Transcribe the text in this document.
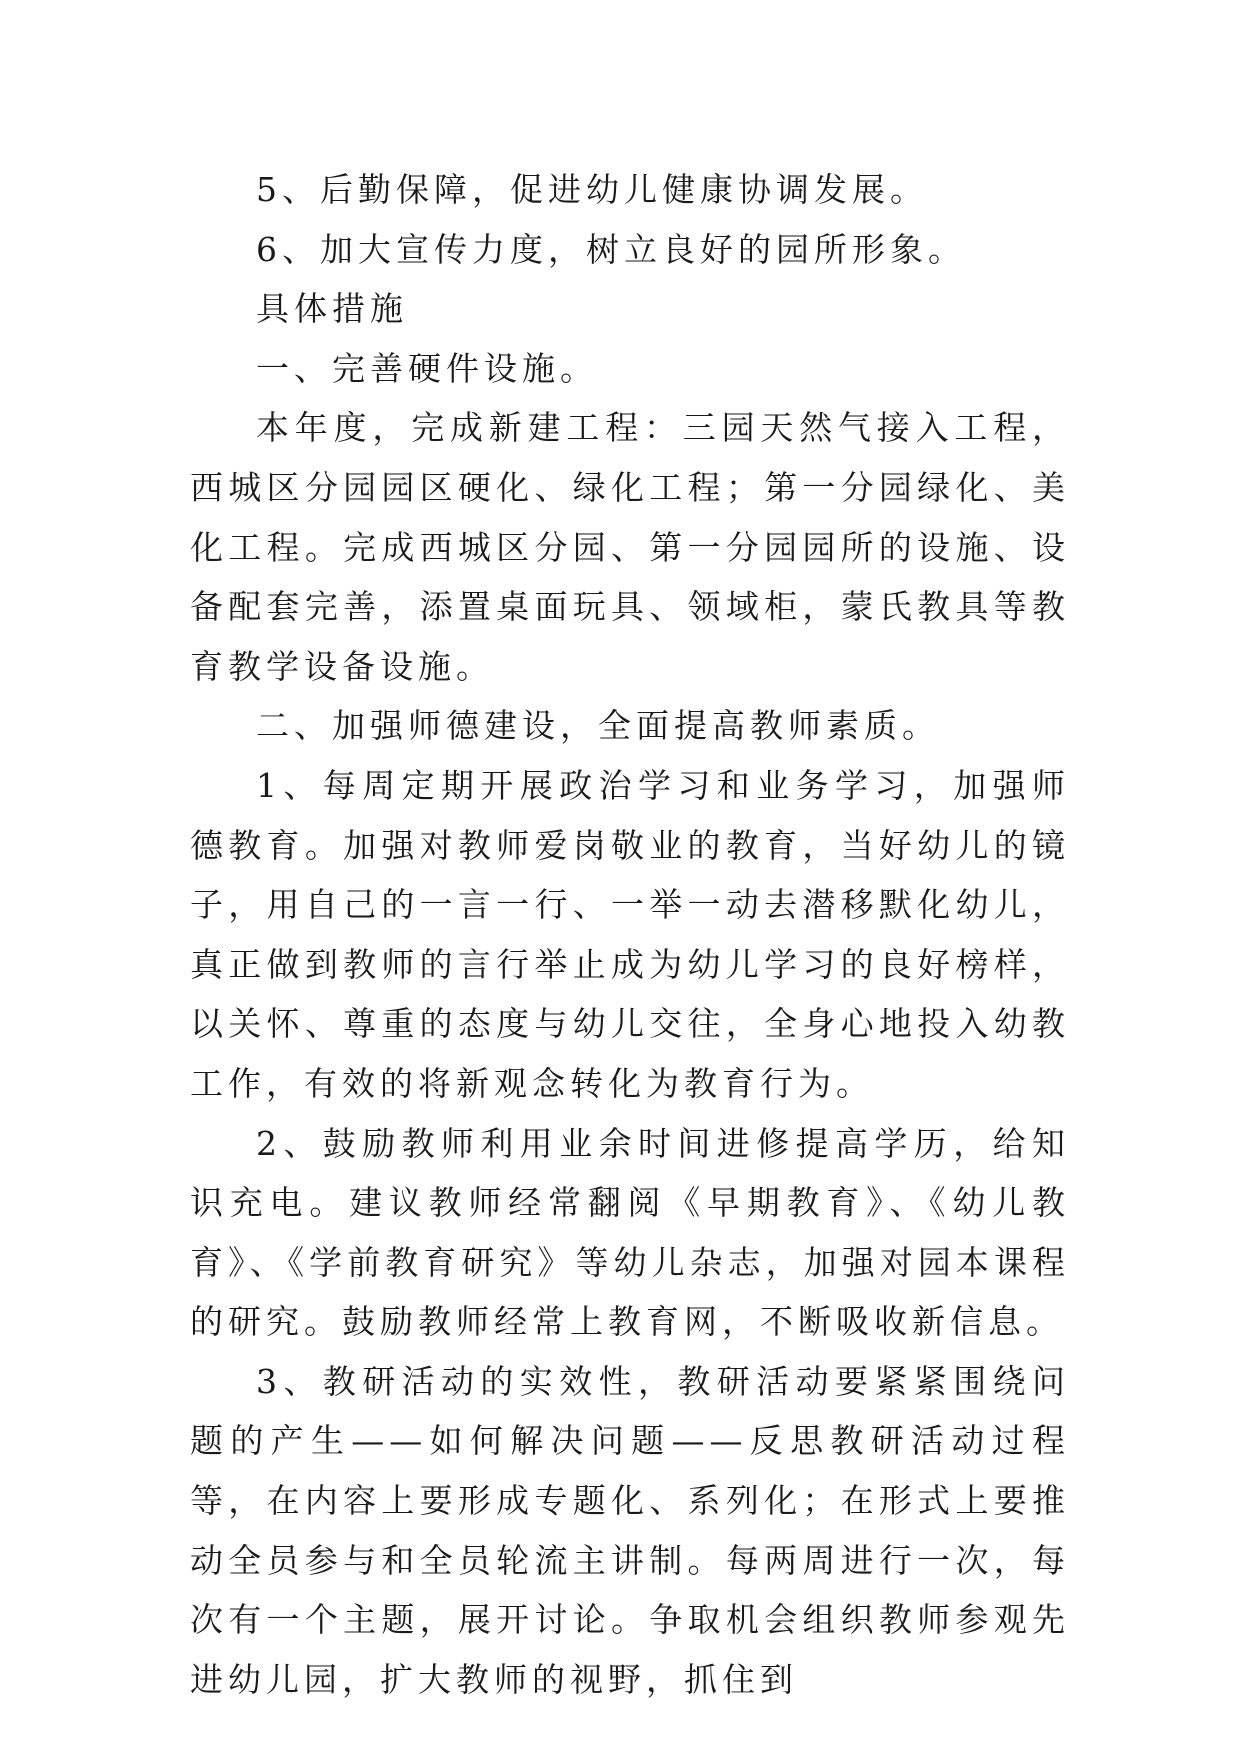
5、后勤保障，促进幼儿健康协调发展。

6、加大宣传力度，树立良好的园所形象。

具体措施

一、完善硬件设施。

本年度，完成新建工程：三园天然气接入工程，西城区分园园区硬化、绿化工程；第一分园绿化、美化工程。完成西城区分园、第一分园园所的设施、设备配套完善，添置桌面玩具、领域柜，蒙氏教具等教育教学设备设施。

二、加强师德建设，全面提高教师素质。

1、每周定期开展政治学习和业务学习，加强师德教育。加强对教师爱岗敬业的教育，当好幼儿的镜子，用自己的一言一行、一举一动去潜移默化幼儿，真正做到教师的言行举止成为幼儿学习的良好榜样，以关怀、尊重的态度与幼儿交往，全身心地投入幼教工作，有效的将新观念转化为教育行为。

2、鼓励教师利用业余时间进修提高学历，给知识充电。建议教师经常翻阅《早期教育》、《幼儿教育》、《学前教育研究》等幼儿杂志，加强对园本课程的研究。鼓励教师经常上教育网，不断吸收新信息。

3、教研活动的实效性，教研活动要紧紧围绕问题的产生——如何解决问题——反思教研活动过程等，在内容上要形成专题化、系列化；在形式上要推动全员参与和全员轮流主讲制。每两周进行一次，每次有一个主题，展开讨论。争取机会组织教师参观先进幼儿园，扩大教师的视野，抓住到
